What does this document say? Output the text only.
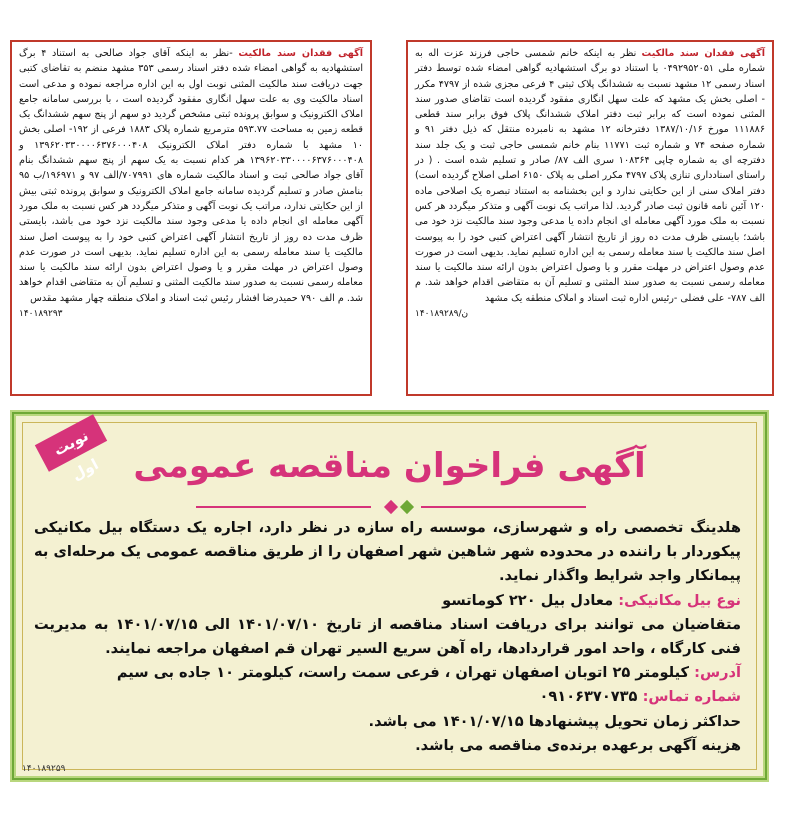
آگهی فقدان سند مالکیت نظر به اینکه خانم شمسی حاجی فرزند عزت اله به شماره ملی ۰۴۹۲۹۵۲۰۵۱ با استناد دو برگ استشهادیه گواهی امضاء شده توسط دفتر اسناد رسمی ۱۲ مشهد نسبت به ششدانگ پلاک ثبتی ۴ فرعی مجزی شده از ۴۷۹۷ مکرر - اصلی بخش یک مشهد که علت سهل انگاری مفقود گردیده است تقاضای صدور سند المثنی نموده است که برابر ثبت دفتر املاک ششدانگ پلاک فوق برابر سند قطعی ۱۱۱۸۸۶ مورخ ۱۳۸۷/۱۰/۱۶ دفترخانه ۱۲ مشهد به نامبرده منتقل که ذیل دفتر ۹۱ و شماره صفحه ۷۴ و شماره ثبت ۱۱۷۷۱ بنام خانم شمسی حاجی ثبت و یک جلد سند دفترچه ای به شماره چاپی ۱۰۸۳۶۴ سری الف ۸۷/ صادر و تسلیم شده است . ( در راستای اسنادداری تنازی پلاک ۴۷۹۷ مکرر اصلی به پلاک ۶۱۵۰ اصلی اصلاح گردیده است) دفتر املاک سنی از این حکایتی ندارد و این بخشنامه به استناد تبصره یک اصلاحی ماده ۱۲۰ آئین نامه قانون ثبت صادر گردید. لذا مراتب یک نوبت آگهی و متذکر میگردد هر کس نسبت به ملک مورد آگهی معامله ای انجام داده یا مدعی وجود سند مالکیت نزد خود می باشد؛ بایستی ظرف مدت ده روز از تاریخ انتشار آگهی اعتراض کتبی خود را به پیوست اصل سند مالکیت یا سند معامله رسمی به این اداره تسلیم نماید. بدیهی است در صورت عدم وصول اعتراض در مهلت مقرر و یا وصول اعتراض بدون ارائه سند مالکیت یا سند معامله رسمی نسبت به صدور سند المثنی و تسلیم آن به متقاضی اقدام خواهد شد. م الف ۷۸۷- علی فضلی -رئیس اداره ثبت اسناد و املاک منطقه یک مشهد
۱۴۰۱۸۹۲۸۹/ن
آگهی فقدان سند مالکیت -نظر به اینکه آقای جواد صالحی به استناد ۴ برگ استشهادیه به گواهی امضاء شده دفتر اسناد رسمی ۳۵۳ مشهد منضم به تقاضای کتبی جهت دریافت سند مالکیت المثنی نوبت اول به این اداره مراجعه نموده و مدعی است اسناد مالکیت وی به علت سهل انگاری مفقود گردیده است ، با بررسی سامانه جامع املاک الکترونیک و سوابق پرونده ثبتی مشخص گردید دو سهم از پنج سهم ششدانگ یک قطعه زمین به مساحت ۵۹۳.۷۷ مترمربع شماره پلاک ۱۸۸۳ فرعی از ۱۹۲- اصلی بخش ۱۰ مشهد با شماره دفتر املاک الکترونیک ۱۳۹۶۲۰۳۳۰۰۰۰۶۳۷۶۰۰۰۴۰۸ و ۱۳۹۶۲۰۳۳۰۰۰۰۶۳۷۶۰۰۰۴۰۸ هر کدام نسبت به یک سهم از پنج سهم ششدانگ بنام آقای جواد صالحی ثبت و اسناد مالکیت شماره های ۷۰۷۹۹۱/الف ۹۷ و ۱۹۶۹۷۱/ب ۹۵ بنامش صادر و تسلیم گردیده سامانه جامع املاک الکترونیک و سوابق پرونده ثبتی بیش از این حکایتی ندارد، مراتب یک نوبت آگهی و متذکر میگردد هر کس نسبت به ملک مورد آگهی معامله ای انجام داده یا مدعی وجود سند مالکیت نزد خود می باشد، بایستی ظرف مدت ده روز از تاریخ انتشار آگهی اعتراض کتبی خود را به پیوست اصل سند مالکیت یا سند معامله رسمی به این اداره تسلیم نماید. بدیهی است در صورت عدم وصول اعتراض در مهلت مقرر و یا وصول اعتراض بدون ارائه سند مالکیت یا سند معامله رسمی نسبت به صدور سند مالکیت المثنی و تسلیم آن به متقاضی اقدام خواهد شد. م الف ۷۹۰ حمیدرضا افشار رئیس ثبت اسناد و املاک منطقه چهار مشهد مقدس
۱۴۰۱۸۹۲۹۳
نوبت اول آگهی فراخوان مناقصه عمومی

هلدینگ تخصصی راه و شهرسازی، موسسه راه سازه در نظر دارد، اجاره یک دستگاه بیل مکانیکی پیکوردار با راننده در محدوده شهر شاهین شهر اصفهان را از طریق مناقصه عمومی یک مرحله‌ای به پیمانکار واجد شرایط واگذار نماید.

نوع بیل مکانیکی: معادل بیل ۲۲۰ کوماتسو

متقاضیان می توانند برای دریافت اسناد مناقصه از تاریخ ۱۴۰۱/۰۷/۱۰ الی ۱۴۰۱/۰۷/۱۵ به مدیریت فنی کارگاه ، واحد امور قراردادها، راه آهن سریع السیر تهران قم اصفهان مراجعه نمایند.

آدرس: کیلومتر ۲۵ اتوبان اصفهان تهران ، فرعی سمت راست، کیلومتر ۱۰ جاده بی سیم

شماره تماس: ۰۹۱۰۶۳۷۰۷۳۵

حداکثر زمان تحویل پیشنهادها ۱۴۰۱/۰۷/۱۵ می باشد.

هزینه آگهی برعهده برنده‌ی مناقصه می باشد.

۱۴۰۱۸۹۲۵۹
